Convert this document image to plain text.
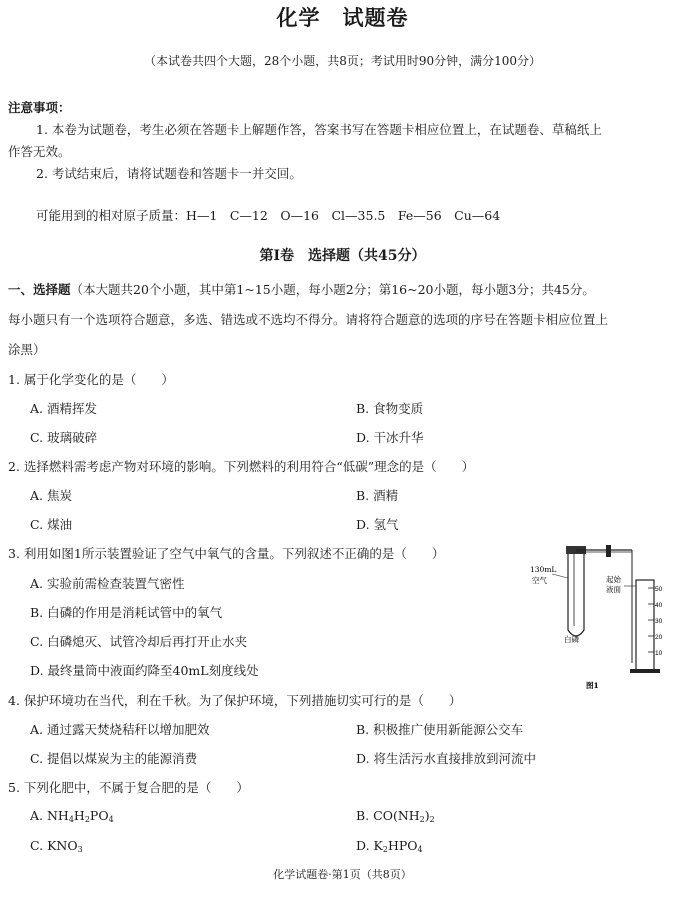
化学　试题卷
（本试卷共四个大题，28个小题，共8页；考试用时90分钟，满分100分）
注意事项：
1. 本卷为试题卷，考生必须在答题卡上解题作答，答案书写在答题卡相应位置上，在试题卷、草稿纸上
作答无效。
2. 考试结束后，请将试题卷和答题卡一并交回。
可能用到的相对原子质量：H—1　C—12　O—16　Cl—35.5　Fe—56　Cu—64
第Ⅰ卷　选择题（共45分）
一、选择题（本大题共20个小题，其中第1~15小题，每小题2分；第16~20小题，每小题3分；共45分。
每小题只有一个选项符合题意，多选、错选或不选均不得分。请将符合题意的选项的序号在答题卡相应位置上
涂黑）
1. 属于化学变化的是（　　）
A. 酒精挥发	B. 食物变质
C. 玻璃破碎	D. 干冰升华
2. 选择燃料需考虑产物对环境的影响。下列燃料的利用符合“低碳”理念的是（　　）
A. 焦炭	B. 酒精
C. 煤油	D. 氢气
3. 利用如图1所示装置验证了空气中氧气的含量。下列叙述不正确的是（　　）
A. 实验前需检查装置气密性
B. 白磷的作用是消耗试管中的氧气
C. 白磷熄灭、试管冷却后再打开止水夹
D. 最终量筒中液面约降至40mL刻度线处
50
40
30
20
10
130mL
空气	起始
液面
白磷
图1
4. 保护环境功在当代，利在千秋。为了保护环境，下列措施切实可行的是（　　）
A. 通过露天焚烧秸秆以增加肥效	B. 积极推广使用新能源公交车
C. 提倡以煤炭为主的能源消费	D. 将生活污水直接排放到河流中
5. 下列化肥中，不属于复合肥的是（　　）
A. $NH_4H_2PO_4$	B. $CO(NH_2)_2$
C. $KNO_3$	D. $K_2HPO_4$
化学试题卷·第1页（共8页）
